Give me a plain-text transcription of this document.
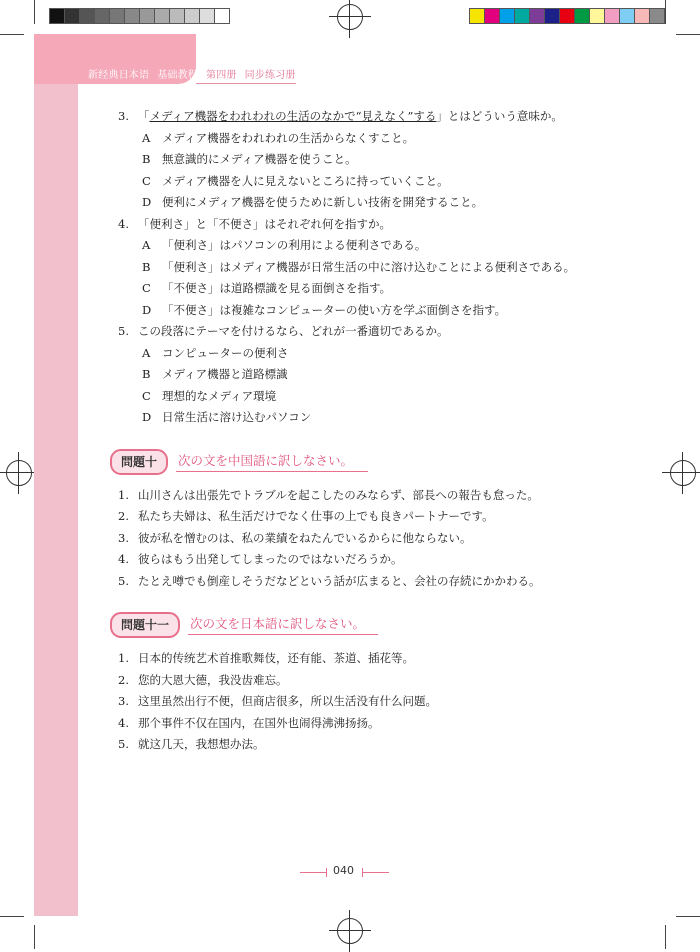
新经典日本语 基础教程 第四册 同步练习册
3. 「メディア機器をわれわれの生活のなかで“見えなく”する」とはどういう意味か。
A メディア機器をわれわれの生活からなくすこと。
B 無意識的にメディア機器を使うこと。
C メディア機器を人に見えないところに持っていくこと。
D 便利にメディア機器を使うために新しい技術を開発すること。
4. 「便利さ」と「不便さ」はそれぞれ何を指すか。
A 「便利さ」はパソコンの利用による便利さである。
B 「便利さ」はメディア機器が日常生活の中に溶け込むことによる便利さである。
C 「不便さ」は道路標識を見る面倒さを指す。
D 「不便さ」は複雑なコンピューターの使い方を学ぶ面倒さを指す。
5. この段落にテーマを付けるなら、どれが一番適切であるか。
A コンピューターの便利さ
B メディア機器と道路標識
C 理想的なメディア環境
D 日常生活に溶け込むパソコン
問題十	次の文を中国語に訳しなさい。
1. 山川さんは出張先でトラブルを起こしたのみならず、部長への報告も怠った。
2. 私たち夫婦は、私生活だけでなく仕事の上でも良きパートナーです。
3. 彼が私を憎むのは、私の業績をねたんでいるからに他ならない。
4. 彼らはもう出発してしまったのではないだろうか。
5. たとえ噂でも倒産しそうだなどという話が広まると、会社の存続にかかわる。
問題十一	次の文を日本語に訳しなさい。
1. 日本的传统艺术首推歌舞伎，还有能、茶道、插花等。
2. 您的大恩大德，我没齿难忘。
3. 这里虽然出行不便，但商店很多，所以生活没有什么问题。
4. 那个事件不仅在国内，在国外也闹得沸沸扬扬。
5. 就这几天，我想想办法。
040
